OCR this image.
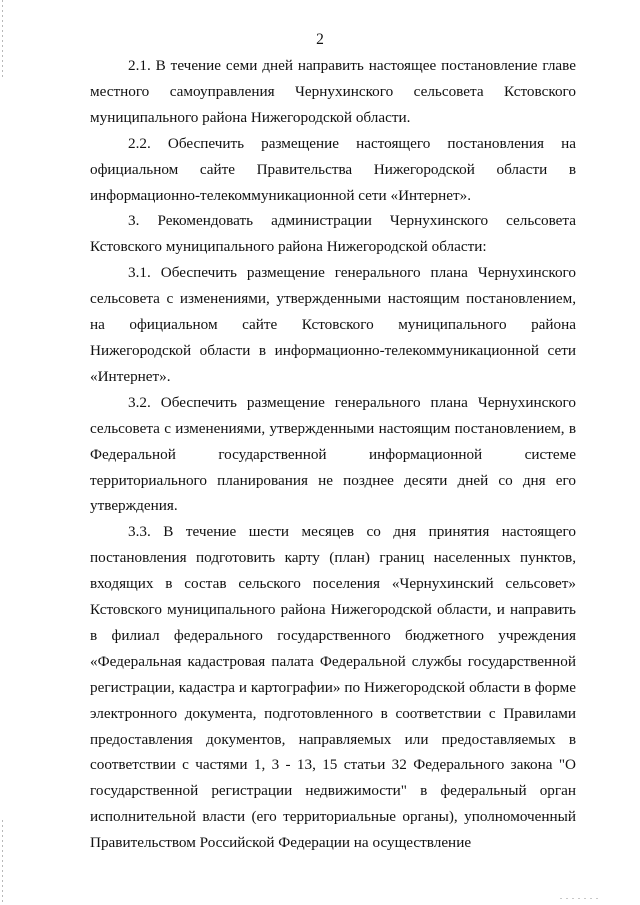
2

2.1. В течение семи дней направить настоящее постановление главе местного самоуправления Чернухинского сельсовета Кстовского муниципального района Нижегородской области.

2.2. Обеспечить размещение настоящего постановления на официальном сайте Правительства Нижегородской области в информационно-телекоммуникационной сети «Интернет».

3. Рекомендовать администрации Чернухинского сельсовета Кстовского муниципального района Нижегородской области:

3.1. Обеспечить размещение генерального плана Чернухинского сельсовета с изменениями, утвержденными настоящим постановлением, на официальном сайте Кстовского муниципального района Нижегородской области в информационно-телекоммуникационной сети «Интернет».

3.2. Обеспечить размещение генерального плана Чернухинского сельсовета с изменениями, утвержденными настоящим постановлением, в Федеральной государственной информационной системе территориального планирования не позднее десяти дней со дня его утверждения.

3.3. В течение шести месяцев со дня принятия настоящего постановления подготовить карту (план) границ населенных пунктов, входящих в состав сельского поселения «Чернухинский сельсовет» Кстовского муниципального района Нижегородской области, и направить в филиал федерального государственного бюджетного учреждения «Федеральная кадастровая палата Федеральной службы государственной регистрации, кадастра и картографии» по Нижегородской области в форме электронного документа, подготовленного в соответствии с Правилами предоставления документов, направляемых или предоставляемых в соответствии с частями 1, 3 - 13, 15 статьи 32 Федерального закона "О государственной регистрации недвижимости" в федеральный орган исполнительной власти (его территориальные органы), уполномоченный Правительством Российской Федерации на осуществление
